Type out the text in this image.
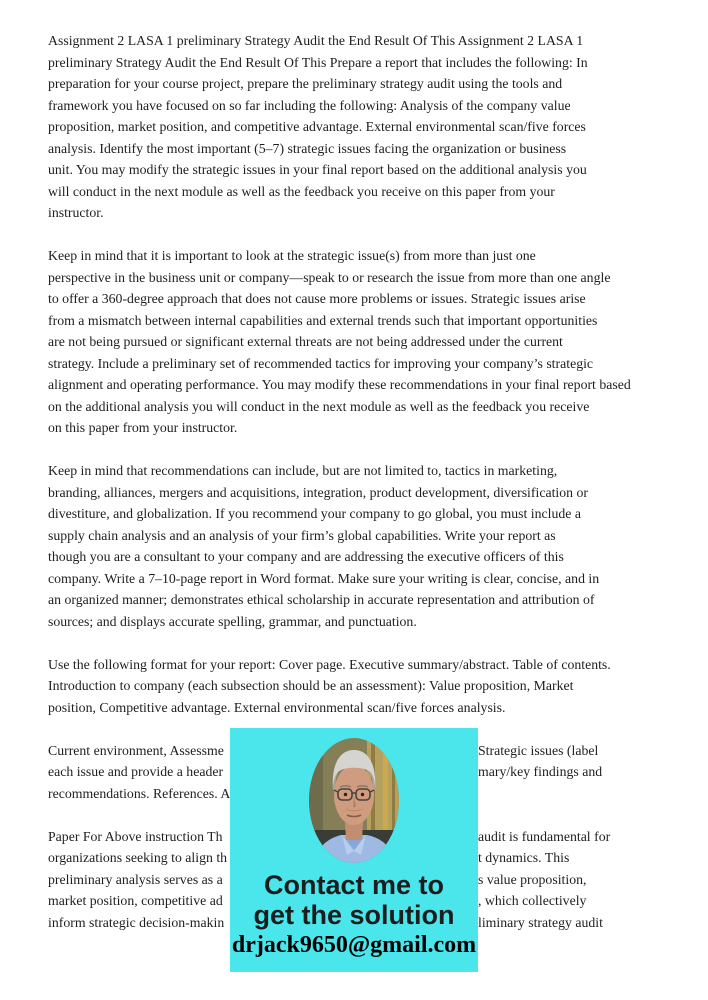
Assignment 2 LASA 1 preliminary Strategy Audit the End Result Of This Assignment 2 LASA 1
preliminary Strategy Audit the End Result Of This Prepare a report that includes the following: In
preparation for your course project, prepare the preliminary strategy audit using the tools and
framework you have focused on so far including the following: Analysis of the company value
proposition, market position, and competitive advantage. External environmental scan/five forces
analysis. Identify the most important (5–7) strategic issues facing the organization or business
unit. You may modify the strategic issues in your final report based on the additional analysis you
will conduct in the next module as well as the feedback you receive on this paper from your
instructor.
Keep in mind that it is important to look at the strategic issue(s) from more than just one
perspective in the business unit or company—speak to or research the issue from more than one angle
to offer a 360-degree approach that does not cause more problems or issues. Strategic issues arise
from a mismatch between internal capabilities and external trends such that important opportunities
are not being pursued or significant external threats are not being addressed under the current
strategy. Include a preliminary set of recommended tactics for improving your company’s strategic
alignment and operating performance. You may modify these recommendations in your final report based
on the additional analysis you will conduct in the next module as well as the feedback you receive
on this paper from your instructor.
Keep in mind that recommendations can include, but are not limited to, tactics in marketing,
branding, alliances, mergers and acquisitions, integration, product development, diversification or
divestiture, and globalization. If you recommend your company to go global, you must include a
supply chain analysis and an analysis of your firm’s global capabilities. Write your report as
though you are a consultant to your company and are addressing the executive officers of this
company. Write a 7–10-page report in Word format. Make sure your writing is clear, concise, and in
an organized manner; demonstrates ethical scholarship in accurate representation and attribution of
sources; and displays accurate spelling, grammar, and punctuation.
Use the following format for your report: Cover page. Executive summary/abstract. Table of contents.
Introduction to company (each subsection should be an assessment): Value proposition, Market
position, Competitive advantage. External environmental scan/five forces analysis.
Current environment, Assessme	Strategic issues (label
each issue and provide a header	mary/key findings and
recommendations. References. A
Paper For Above instruction Th	audit is fundamental for
organizations seeking to align th	t dynamics. This
preliminary analysis serves as a	s value proposition,
market position, competitive ad	, which collectively
inform strategic decision-makin	liminary strategy audit
Contact me to
get the solution
drjack9650@gmail.com
